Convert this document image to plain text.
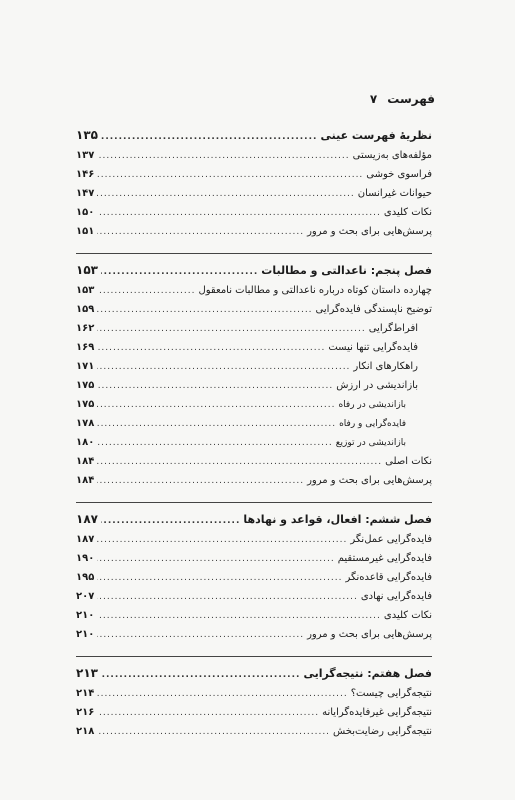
فهرست
۷
نظریهٔ فهرست عینی
.....
۱۳۵
مؤلفه‌های به‌زیستی
.....
۱۳۷
فراسوی خوشی
.....
۱۴۶
حیوانات غیرانسان
.....
۱۴۷
نکات کلیدی
.....
۱۵۰
پرسش‌هایی برای بحث و مرور
.....
۱۵۱
فصل پنجم: ناعدالتی و مطالبات
.....
۱۵۳
چهارده داستان کوتاه درباره ناعدالتی و مطالبات نامعقول
.....
۱۵۳
توضیح ناپسندگی فایده‌گرایی
.....
۱۵۹
افراط‌گرایی
.....
۱۶۲
فایده‌گرایی تنها نیست
.....
۱۶۹
راهکارهای انکار
.....
۱۷۱
بازاندیشی در ارزش
.....
۱۷۵
بازاندیشی در رفاه
.....
۱۷۵
فایده‌گرایی و رفاه
.....
۱۷۸
بازاندیشی در توزیع
.....
۱۸۰
نکات اصلی
.....
۱۸۴
پرسش‌هایی برای بحث و مرور
.....
۱۸۴
فصل ششم: افعال، قواعد و نهادها
.....
۱۸۷
فایده‌گرایی عمل‌نگر
.....
۱۸۷
فایده‌گرایی غیرمستقیم
.....
۱۹۰
فایده‌گرایی قاعده‌نگر
.....
۱۹۵
فایده‌گرایی نهادی
.....
۲۰۷
نکات کلیدی
.....
۲۱۰
پرسش‌هایی برای بحث و مرور
.....
۲۱۰
فصل هفتم: نتیجه‌گرایی
.....
۲۱۳
نتیجه‌گرایی چیست؟
.....
۲۱۴
نتیجه‌گرایی غیرفایده‌گرایانه
.....
۲۱۶
نتیجه‌گرایی رضایت‌بخش
.....
۲۱۸
